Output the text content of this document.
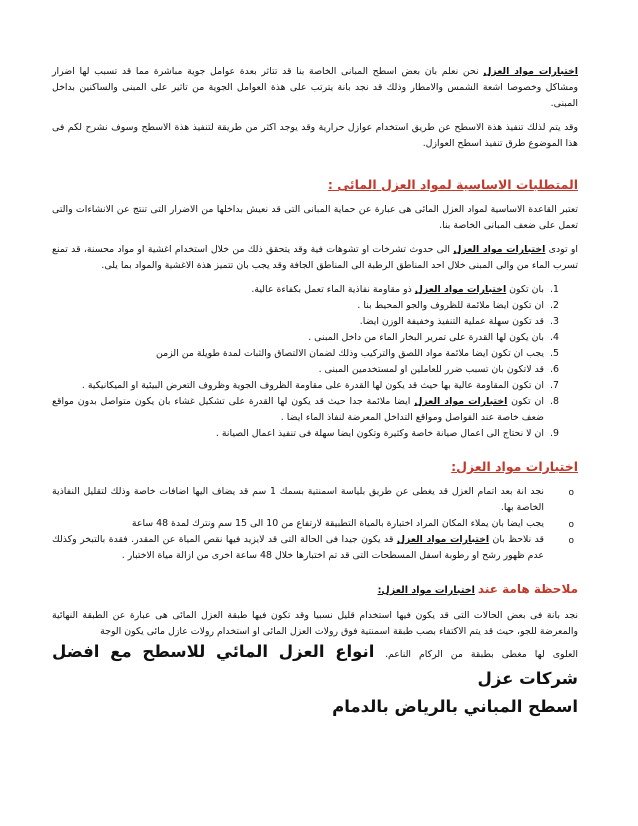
اختبارات مواد العزل نحن نعلم بان بعض اسطح المبانى الخاصة بنا قد تتاثر بعدة عوامل جوية مباشرة مما قد تسبب لها اضرار ومشاكل وخصوصا اشعة الشمس والامطار وذلك قد نجد بانة يترتب على هذة العوامل الجوية من تاثير على المبنى والساكنين بداخل المبنى.

وقد يتم لذلك تنفيذ هذة الاسطح عن طريق استخدام عوازل حرارية وقد يوجد اكثر من طريقة لتنفيذ هذة الاسطح وسوف نشرح لكم فى هذا الموضوع طرق تنفيذ اسطح العوازل.

المتطلبات الاساسية لمواد العزل المائى :

تعتبر القاعدة الاساسية لمواد العزل المائى هى عبارة عن حماية المبانى التى قد نعيش بداخلها من الاضرار التى تنتج عن الانشاءات والتى تعمل على ضعف المبانى الخاصة بنا.

او تودى اختبارات مواد العزل الى حدوث تشرخات او تشوهات فية وقد يتحقق ذلك من خلال استخدام اغشية او مواد محسنة، قد تمنع تسرب الماء من والى المبنى خلال احد المناطق الرطبة الى المناطق الجافة وقد يجب بان تتميز هذة الاغشية والمواد بما يلى.

.1
بان تكون اختبارات مواد العزل ذو مقاومة نفاذية الماء تعمل بكفاءة عالية.
.2
ان تكون ايضا ملائمة للظروف والجو المحيط بنا .
.3
قد تكون سهلة عملية التنفيذ وخفيفة الوزن ايضا.
.4
بان يكون لها القدرة على تمرير البخار الماء من داخل المبنى .
.5
يجب ان تكون ايضا ملائمة مواد اللصق والتركيب وذلك لضمان الالتصاق والثبات لمدة طويلة من الزمن
.6
قد لاتكون بان تسبب ضرر للعاملين او لمستخدمين المبنى .
.7
ان تكون المقاومة عالية بها حيث قد يكون لها القدرة على مقاومة الظروف الجوية وظروف التعرض البيئية او الميكانيكية .
.8
ان تكون اختبارات مواد العزل ايضا ملائمة جدا حيث قد يكون لها القدرة على تشكيل غشاء بان يكون متواصل بدون مواقع ضعف خاصة عند الفواصل ومواقع التداخل المعرضة لنفاذ الماء ايضا .
.9
ان لا نحتاج الى اعمال صيانة خاصة وكثيرة وتكون ايضا سهلة فى تنفيذ اعمال الصيانة .

اختبارات مواد العزل:

o
نجد انة بعد اتمام العزل قد يغطى عن طريق بلياسة اسمنتية بسمك 1 سم قد يضاف اليها اضافات خاصة وذلك لتقليل النفاذية الخاصة بها.
o
يجب ايضا بان يملاء المكان المراد اختبارة بالمياة التطبيقة لارتفاع من 10 الى 15 سم ونترك لمدة 48 ساعة
o
قد نلاحظ بان اختبارات مواد العزل قد يكون جيدا فى الحالة التى قد لايزيد فيها نقص المياة عن المقدر. فقدة بالتبخر وكذلك عدم ظهور رشح او رطوبة اسفل المسطحات التى قد تم اختبارها خلال 48 ساعة اخرى من ازالة مياة الاختبار .

ملاحظة هامة عند اختبارات مواد العزل:

نجد بانة فى بعض الحالات التى قد يكون فيها استخدام قليل نسبيا وقد تكون فيها طبقة العزل المائى هى عبارة عن الطبقة النهائية والمعرضة للجو، حيث قد يتم الاكتفاء بصب طبقة اسمنتية فوق رولات العزل المائى او استخدام رولات عازل مائى يكون الوجة

العلوى لها مغطى بطبقة من الركام الناعم. انواع العزل المائي للاسطح مع افضل شركات عزل

اسطح المباني بالرياض بالدمام
